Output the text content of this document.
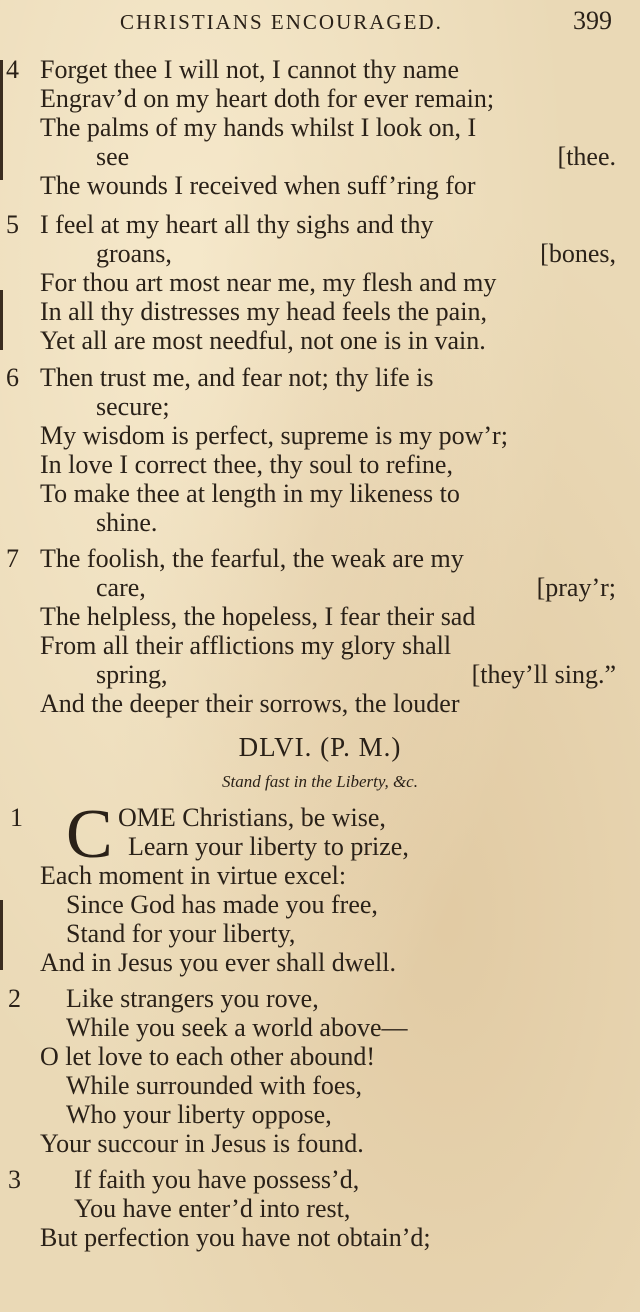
CHRISTIANS ENCOURAGED.	399
4 Forget thee I will not, I cannot thy name
Engrav’d on my heart doth for ever remain;
The palms of my hands whilst I look on, I
see	[thee.
The wounds I received when suff’ring for
5 I feel at my heart all thy sighs and thy
groans,	[bones,
For thou art most near me, my flesh and my
In all thy distresses my head feels the pain,
Yet all are most needful, not one is in vain.
6 Then trust me, and fear not; thy life is
secure;
My wisdom is perfect, supreme is my pow’r;
In love I correct thee, thy soul to refine,
To make thee at length in my likeness to
shine.
7 The foolish, the fearful, the weak are my
care,	[pray’r;
The helpless, the hopeless, I fear their sad
From all their afflictions my glory shall
spring,	[they’ll sing.”
And the deeper their sorrows, the louder
DLVI. (P. M.)
Stand fast in the Liberty, &c.
1 C OME Christians, be wise,
Learn your liberty to prize,
Each moment in virtue excel:
Since God has made you free,
Stand for your liberty,
And in Jesus you ever shall dwell.
2 Like strangers you rove,
While you seek a world above—
O let love to each other abound!
While surrounded with foes,
Who your liberty oppose,
Your succour in Jesus is found.
3 If faith you have possess’d,
You have enter’d into rest,
But perfection you have not obtain’d;
